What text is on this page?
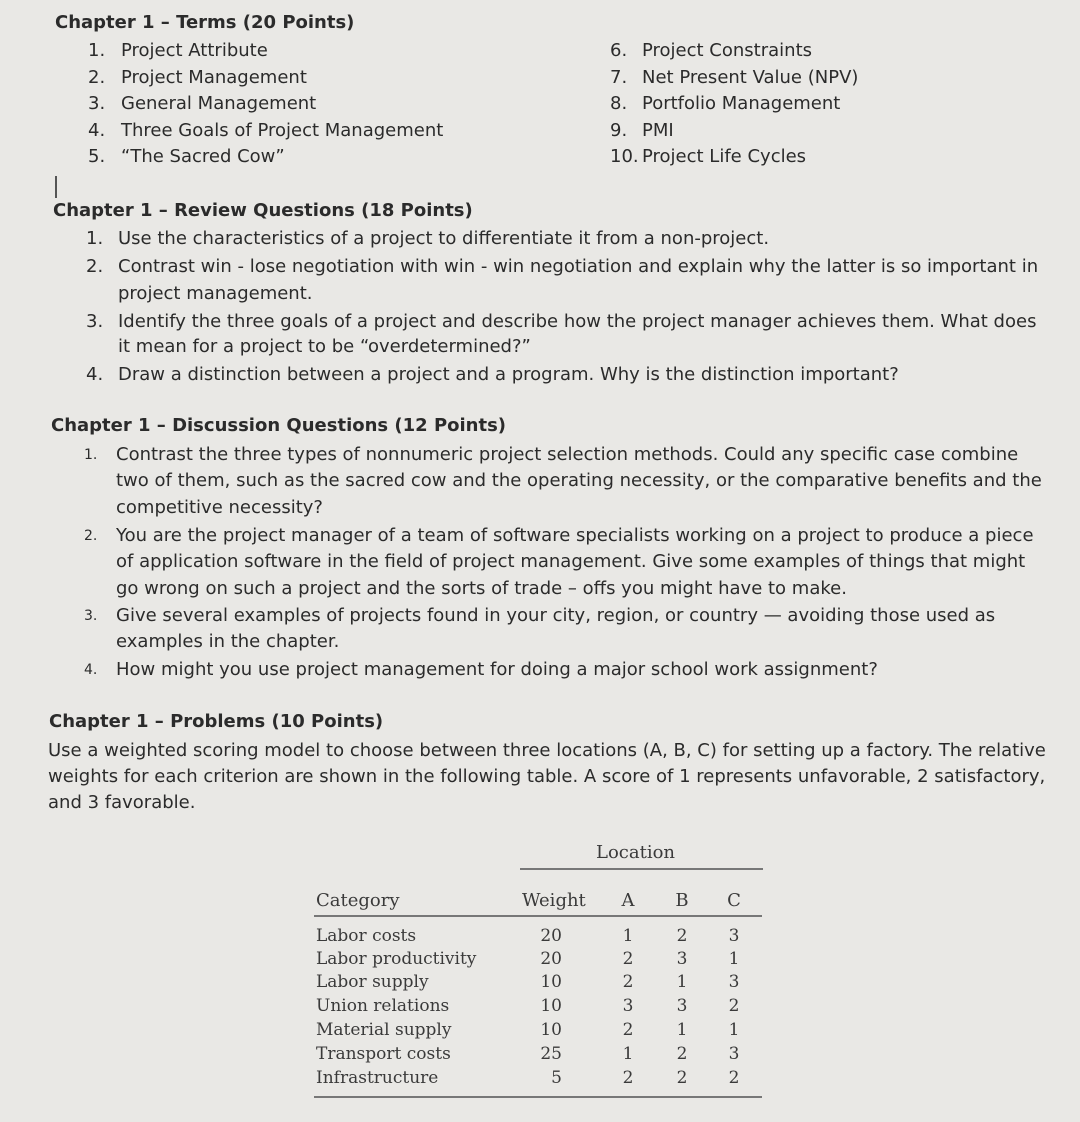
Chapter 1 – Terms (20 Points)
1. Project Attribute
2. Project Management
3. General Management
4. Three Goals of Project Management
5. “The Sacred Cow”
6. Project Constraints
7. Net Present Value (NPV)
8. Portfolio Management
9. PMI
10. Project Life Cycles
Chapter 1 – Review Questions (18 Points)
1. Use the characteristics of a project to differentiate it from a non-project.
2. Contrast win - lose negotiation with win - win negotiation and explain why the latter is so important in
project management.
3. Identify the three goals of a project and describe how the project manager achieves them. What does
it mean for a project to be “overdetermined?”
4. Draw a distinction between a project and a program. Why is the distinction important?
Chapter 1 – Discussion Questions (12 Points)
1. Contrast the three types of nonnumeric project selection methods. Could any specific case combine
two of them, such as the sacred cow and the operating necessity, or the comparative benefits and the
competitive necessity?
2. You are the project manager of a team of software specialists working on a project to produce a piece
of application software in the field of project management. Give some examples of things that might
go wrong on such a project and the sorts of trade – offs you might have to make.
3. Give several examples of projects found in your city, region, or country — avoiding those used as
examples in the chapter.
4. How might you use project management for doing a major school work assignment?
Chapter 1 – Problems (10 Points)
Use a weighted scoring model to choose between three locations (A, B, C) for setting up a factory. The relative
weights for each criterion are shown in the following table. A score of 1 represents unfavorable, 2 satisfactory,
and 3 favorable.
Location
Category	Weight	A	B C
Labor costs	20	1	2	3
Labor productivity	20	2	3	1
Labor supply	10	2	1	3
Union relations	10	3	3	2
Material supply	10	2	1	1
Transport costs	25	1	2	3
Infrastructure	5	2	2	2
